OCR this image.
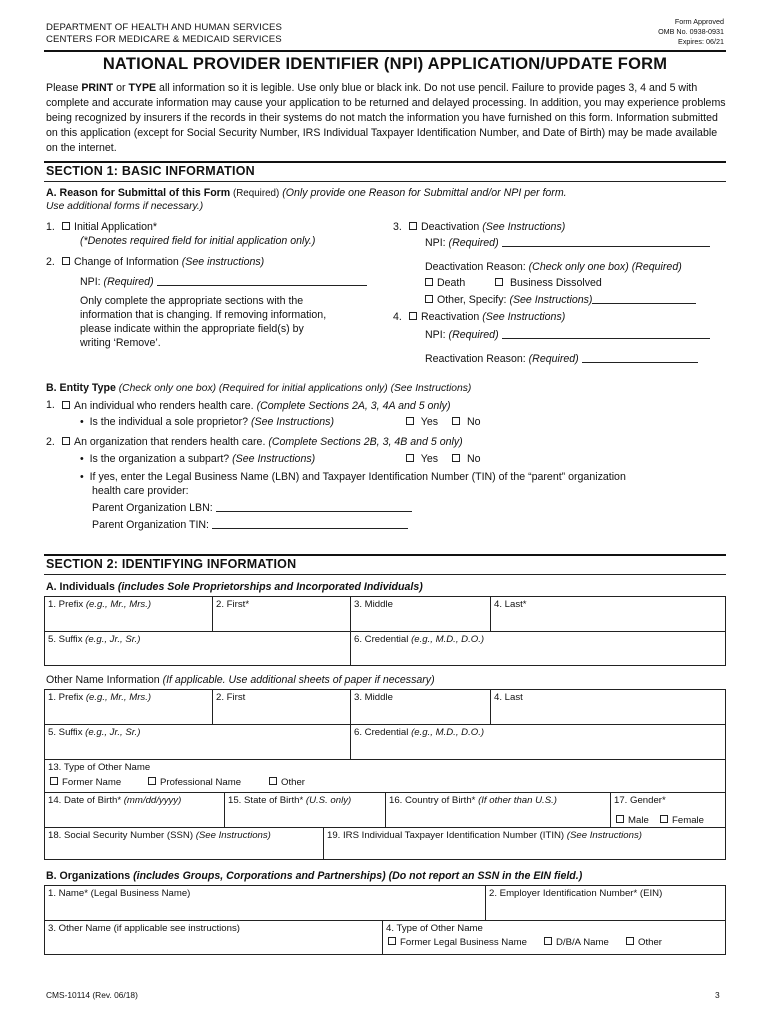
DEPARTMENT OF HEALTH AND HUMAN SERVICES
CENTERS FOR MEDICARE & MEDICAID SERVICES
Form Approved
OMB No. 0938-0931
Expires: 06/21
NATIONAL PROVIDER IDENTIFIER (NPI) APPLICATION/UPDATE FORM
Please PRINT or TYPE all information so it is legible. Use only blue or black ink. Do not use pencil. Failure to provide pages 3, 4 and 5 with complete and accurate information may cause your application to be returned and delayed processing. In addition, you may experience problems being recognized by insurers if the records in their systems do not match the information you have furnished on this form. Information submitted on this application (except for Social Security Number, IRS Individual Taxpayer Identification Number, and Date of Birth) may be made available on the internet.
SECTION 1: BASIC INFORMATION
A. Reason for Submittal of this Form (Required) (Only provide one Reason for Submittal and/or NPI per form.
Use additional forms if necessary.)
1.	Initial Application*
(*Denotes required field for initial application only.)
2.	Change of Information (See instructions)
NPI: (Required)
Only complete the appropriate sections with the
information that is changing. If removing information,
please indicate within the appropriate field(s) by
writing ‘Remove’.
3.	Deactivation (See Instructions)
NPI: (Required)
Deactivation Reason: (Check only one box) (Required)
Death	Business Dissolved
Other, Specify: (See Instructions)
4.	Reactivation (See Instructions)
NPI: (Required)
Reactivation Reason: (Required)
B. Entity Type (Check only one box) (Required for initial applications only) (See Instructions)
1.	An individual who renders health care. (Complete Sections 2A, 3, 4A and 5 only)
• Is the individual a sole proprietor? (See Instructions)	Yes	No
2.	An organization that renders health care. (Complete Sections 2B, 3, 4B and 5 only)
• Is the organization a subpart? (See Instructions)	Yes	No
• If yes, enter the Legal Business Name (LBN) and Taxpayer Identification Number (TIN) of the “parent” organization
health care provider:
Parent Organization LBN:
Parent Organization TIN:
SECTION 2: IDENTIFYING INFORMATION
A. Individuals (includes Sole Proprietorships and Incorporated Individuals)
1. Prefix (e.g., Mr., Mrs.)	2. First*	3. Middle	4. Last*
5. Suffix (e.g., Jr., Sr.)	6. Credential (e.g., M.D., D.O.)
Other Name Information (If applicable. Use additional sheets of paper if necessary)
1. Prefix (e.g., Mr., Mrs.)	2. First	3. Middle	4. Last
5. Suffix (e.g., Jr., Sr.)	6. Credential (e.g., M.D., D.O.)
13. Type of Other Name
Former Name	Professional Name	Other
14. Date of Birth* (mm/dd/yyyy)	15. State of Birth* (U.S. only)	16. Country of Birth* (If other than U.S.)	17. Gender*
Male	Female
18. Social Security Number (SSN) (See Instructions)	19. IRS Individual Taxpayer Identification Number (ITIN) (See Instructions)
B. Organizations (includes Groups, Corporations and Partnerships) (Do not report an SSN in the EIN field.)
1. Name* (Legal Business Name)	2. Employer Identification Number* (EIN)
3. Other Name (if applicable see instructions)	4. Type of Other Name
Former Legal Business Name	D/B/A Name	Other
CMS-10114 (Rev. 06/18)	3
